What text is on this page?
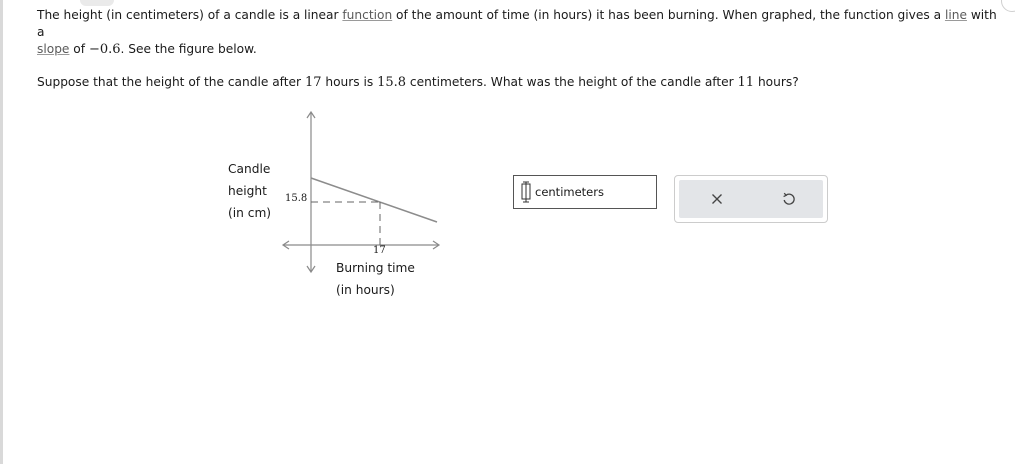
The height (in centimeters) of a candle is a linear function of the amount of time (in hours) it has been burning. When graphed, the function gives a line with a
slope of −0.6. See the figure below.

Suppose that the height of the candle after 17 hours is 15.8 centimeters. What was the height of the candle after 11 hours?

Candle
height
(in cm)
15.8
17
Burning time
(in hours)
centimeters
